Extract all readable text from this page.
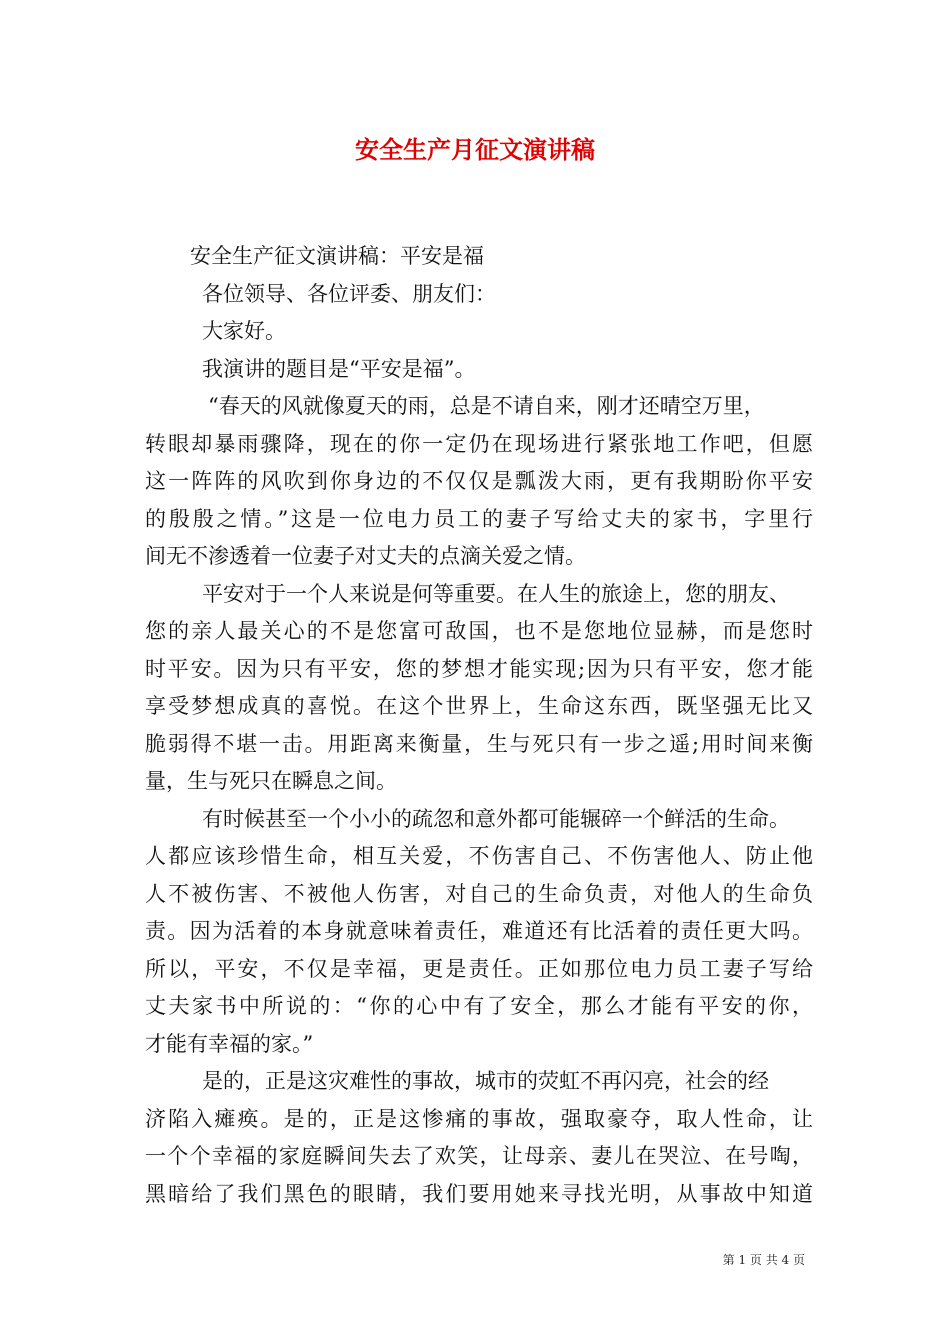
安全生产月征文演讲稿
安全生产征文演讲稿：平安是福
各位领导、各位评委、朋友们：
大家好。
我演讲的题目是“平安是福”。
“春天的风就像夏天的雨，总是不请自来，刚才还晴空万里，
转眼却暴雨骤降，现在的你一定仍在现场进行紧张地工作吧，但愿
这一阵阵的风吹到你身边的不仅仅是瓢泼大雨，更有我期盼你平安
的殷殷之情。”这是一位电力员工的妻子写给丈夫的家书，字里行
间无不渗透着一位妻子对丈夫的点滴关爱之情。
平安对于一个人来说是何等重要。在人生的旅途上，您的朋友、
您的亲人最关心的不是您富可敌国，也不是您地位显赫，而是您时
时平安。因为只有平安，您的梦想才能实现;因为只有平安，您才能
享受梦想成真的喜悦。在这个世界上，生命这东西，既坚强无比又
脆弱得不堪一击。用距离来衡量，生与死只有一步之遥;用时间来衡
量，生与死只在瞬息之间。
有时候甚至一个小小的疏忽和意外都可能辗碎一个鲜活的生命。
人都应该珍惜生命，相互关爱，不伤害自己、不伤害他人、防止他
人不被伤害、不被他人伤害，对自己的生命负责，对他人的生命负
责。因为活着的本身就意味着责任，难道还有比活着的责任更大吗。
所以，平安，不仅是幸福，更是责任。正如那位电力员工妻子写给
丈夫家书中所说的：“你的心中有了安全，那么才能有平安的你，
才能有幸福的家。”
是的，正是这灾难性的事故，城市的荧虹不再闪亮，社会的经
济陷入瘫痪。是的，正是这惨痛的事故，强取豪夺，取人性命，让
一个个幸福的家庭瞬间失去了欢笑，让母亲、妻儿在哭泣、在号啕，
黑暗给了我们黑色的眼睛，我们要用她来寻找光明，从事故中知道
第 1 页 共 4 页
